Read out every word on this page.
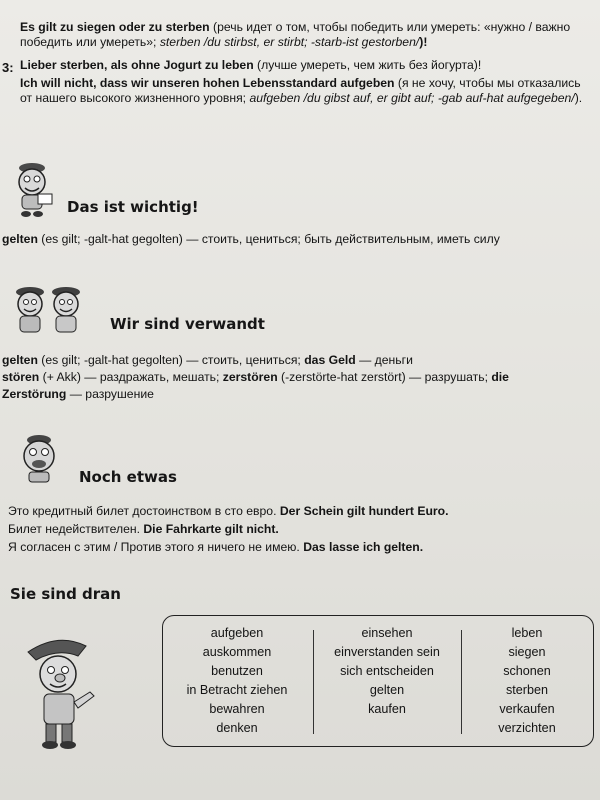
Es gilt zu siegen oder zu sterben (речь идет о том, чтобы победить или умереть: «нужно / важно победить или умереть»; sterben /du stirbst, er stirbt; -starb-ist gestorben/)!
3: Lieber sterben, als ohne Jogurt zu leben (лучше умереть, чем жить без йогурта)!
Ich will nicht, dass wir unseren hohen Lebensstandard aufgeben (я не хочу, чтобы мы отказались от нашего высокого жизненного уровня; aufgeben /du gibst auf, er gibt auf; -gab auf-hat aufgegeben/).
Das ist wichtig!
gelten (es gilt; -galt-hat gegolten) — стоить, цениться; быть действительным, иметь силу
Wir sind verwandt
gelten (es gilt; -galt-hat gegolten) — стоить, цениться; das Geld — деньги
stören (+ Akk) — раздражать, мешать; zerstören (-zerstörte-hat zerstört) — разрушать; die Zerstörung — разрушение
Noch etwas
Это кредитный билет достоинством в сто евро. Der Schein gilt hundert Euro.
Билет недействителен. Die Fahrkarte gilt nicht.
Я согласен с этим / Против этого я ничего не имею. Das lasse ich gelten.
Sie sind dran
aufgeben
auskommen
benutzen
in Betracht ziehen
bewahren
denken
einsehen
einverstanden sein
sich entscheiden
gelten
kaufen
leben
siegen
schonen
sterben
verkaufen
verzichten
